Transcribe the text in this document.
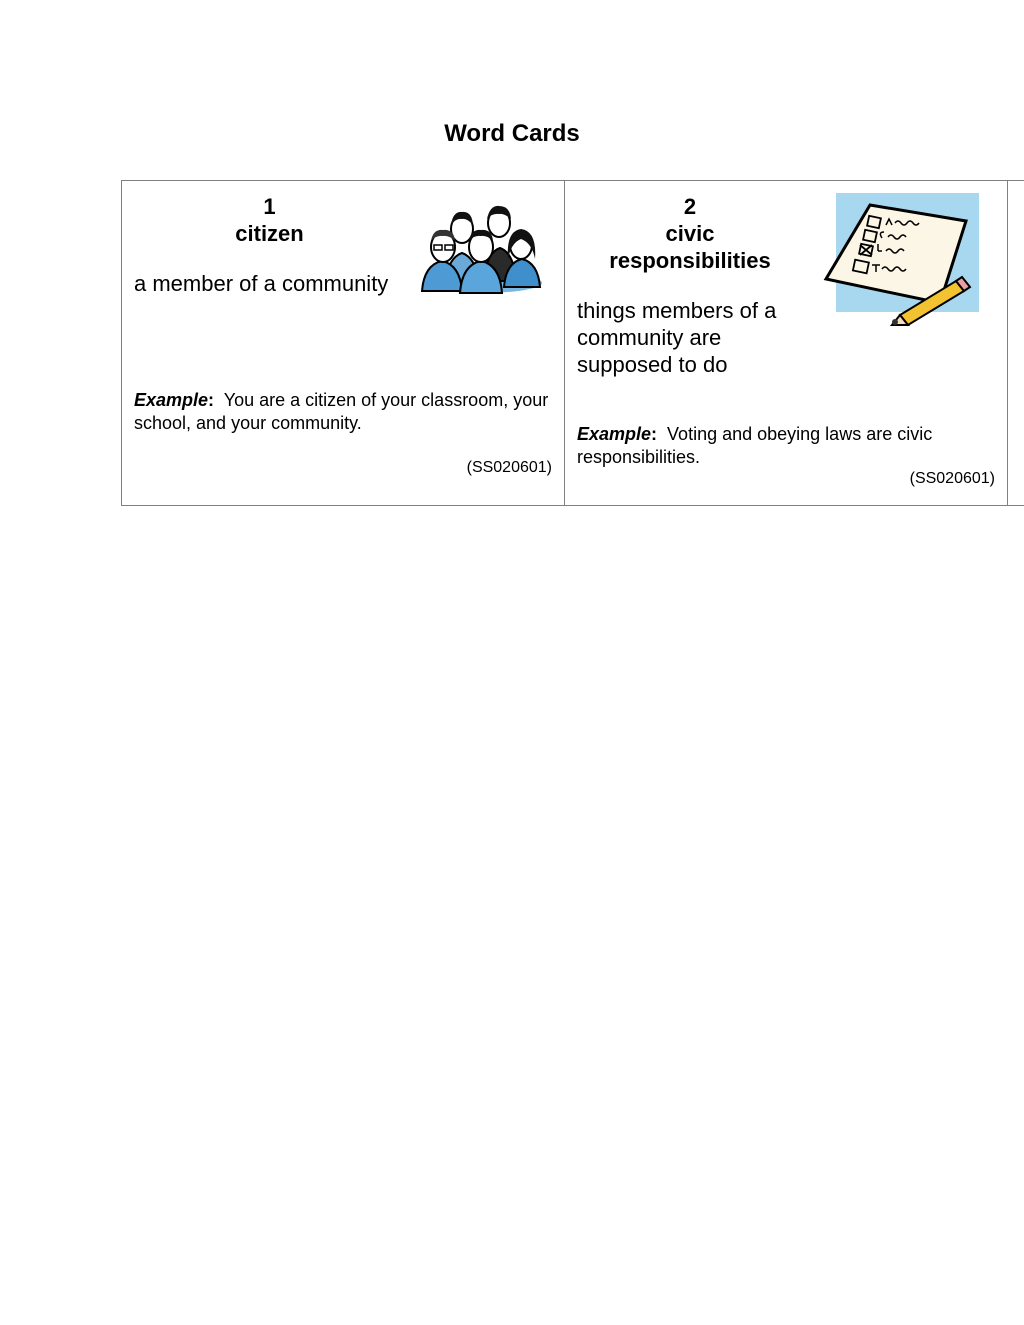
Word Cards
1
citizen
a member of a community
Example:  You are a citizen of your classroom, your school, and your community.
(SS020601)
2
civic responsibilities
things members of a community are supposed to do
Example:  Voting and obeying laws are civic responsibilities.
(SS020601)
